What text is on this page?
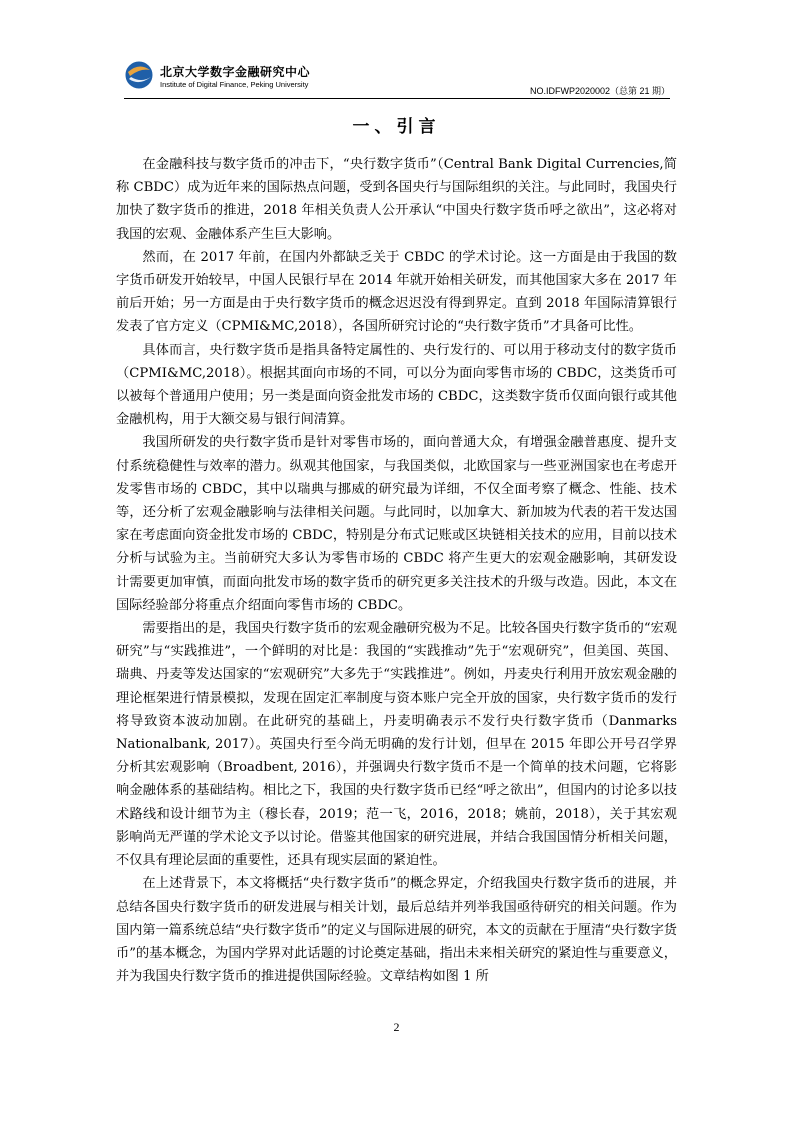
北京大学数字金融研究中心
Institute of Digital Finance, Peking University
NO.IDFWP2020002（总第 21 期）
一、引言

在金融科技与数字货币的冲击下，“央行数字货币”（Central Bank Digital Currencies,简称 CBDC）成为近年来的国际热点问题，受到各国央行与国际组织的关注。与此同时，我国央行加快了数字货币的推进，2018 年相关负责人公开承认“中国央行数字货币呼之欲出”，这必将对我国的宏观、金融体系产生巨大影响。

然而，在 2017 年前，在国内外都缺乏关于 CBDC 的学术讨论。这一方面是由于我国的数字货币研发开始较早，中国人民银行早在 2014 年就开始相关研发，而其他国家大多在 2017 年前后开始；另一方面是由于央行数字货币的概念迟迟没有得到界定。直到 2018 年国际清算银行发表了官方定义（CPMI&MC,2018），各国所研究讨论的“央行数字货币”才具备可比性。

具体而言，央行数字货币是指具备特定属性的、央行发行的、可以用于移动支付的数字货币（CPMI&MC,2018）。根据其面向市场的不同，可以分为面向零售市场的 CBDC，这类货币可以被每个普通用户使用；另一类是面向资金批发市场的 CBDC，这类数字货币仅面向银行或其他金融机构，用于大额交易与银行间清算。

我国所研发的央行数字货币是针对零售市场的，面向普通大众，有增强金融普惠度、提升支付系统稳健性与效率的潜力。纵观其他国家，与我国类似，北欧国家与一些亚洲国家也在考虑开发零售市场的 CBDC，其中以瑞典与挪威的研究最为详细，不仅全面考察了概念、性能、技术等，还分析了宏观金融影响与法律相关问题。与此同时，以加拿大、新加坡为代表的若干发达国家在考虑面向资金批发市场的 CBDC，特别是分布式记账或区块链相关技术的应用，目前以技术分析与试验为主。当前研究大多认为零售市场的 CBDC 将产生更大的宏观金融影响，其研发设计需要更加审慎，而面向批发市场的数字货币的研究更多关注技术的升级与改造。因此，本文在国际经验部分将重点介绍面向零售市场的 CBDC。

需要指出的是，我国央行数字货币的宏观金融研究极为不足。比较各国央行数字货币的“宏观研究”与“实践推进”，一个鲜明的对比是：我国的“实践推动”先于“宏观研究”，但美国、英国、瑞典、丹麦等发达国家的“宏观研究”大多先于“实践推进”。例如，丹麦央行利用开放宏观金融的理论框架进行情景模拟，发现在固定汇率制度与资本账户完全开放的国家，央行数字货币的发行将导致资本波动加剧。在此研究的基础上，丹麦明确表示不发行央行数字货币（Danmarks Nationalbank, 2017）。英国央行至今尚无明确的发行计划，但早在 2015 年即公开号召学界分析其宏观影响（Broadbent, 2016），并强调央行数字货币不是一个简单的技术问题，它将影响金融体系的基础结构。相比之下，我国的央行数字货币已经“呼之欲出”，但国内的讨论多以技术路线和设计细节为主（穆长春，2019；范一飞，2016，2018；姚前，2018），关于其宏观影响尚无严谨的学术论文予以讨论。借鉴其他国家的研究进展，并结合我国国情分析相关问题，不仅具有理论层面的重要性，还具有现实层面的紧迫性。

在上述背景下，本文将概括“央行数字货币”的概念界定，介绍我国央行数字货币的进展，并总结各国央行数字货币的研发进展与相关计划，最后总结并列举我国亟待研究的相关问题。作为国内第一篇系统总结“央行数字货币”的定义与国际进展的研究，本文的贡献在于厘清“央行数字货币”的基本概念，为国内学界对此话题的讨论奠定基础，指出未来相关研究的紧迫性与重要意义，并为我国央行数字货币的推进提供国际经验。文章结构如图 1 所

2
